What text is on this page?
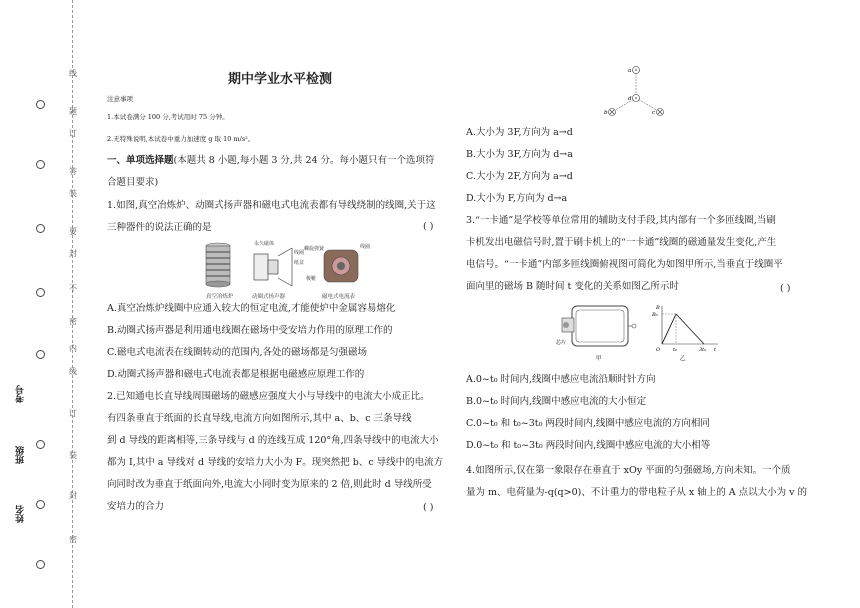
线
题
订
答
装
要
封
不
密
内
线
订
装
封
密
考号
班级
姓名
期中学业水平检测
注意事项
1.本试卷满分 100 分,考试用时 75 分钟。
2.无特殊说明,本试卷中重力加速度 g 取 10 m/s²。
一、单项选择题(本题共 8 小题,每小题 3 分,共 24 分。每小题只有一个选项符
合题目要求)
1.如图,真空冶炼炉、动圈式扬声器和磁电式电流表都有导线绕制的线圈,关于这
三种器件的说法正确的是	( )
真空冶炼炉	动圈式扬声器	磁电式电流表
永久磁体
线圈
纸盆
螺旋弹簧	线圈
极靴
A.真空冶炼炉线圈中应通入较大的恒定电流,才能使炉中金属容易熔化
B.动圈式扬声器是利用通电线圈在磁场中受安培力作用的原理工作的
C.磁电式电流表在线圈转动的范围内,各处的磁场都是匀强磁场
D.动圈式扬声器和磁电式电流表都是根据电磁感应原理工作的
2.已知通电长直导线周围磁场的磁感应强度大小与导线中的电流大小成正比。
有四条垂直于纸面的长直导线,电流方向如图所示,其中 a、b、c 三条导线
到 d 导线的距离相等,三条导线与 d 的连线互成 120°角,四条导线中的电流大小
都为 I,其中 a 导线对 d 导线的安培力大小为 F。现突然把 b、c 导线中的电流方
向同时改为垂直于纸面向外,电流大小同时变为原来的 2 倍,则此时 d 导线所受
安培力的合力	( )
a
d
b	c
A.大小为 3F,方向为 a→d
B.大小为 3F,方向为 d→a
C.大小为 2F,方向为 a→d
D.大小为 F,方向为 d→a
3.“一卡通”是学校等单位常用的辅助支付手段,其内部有一个多匝线圈,当刷
卡机发出电磁信号时,置于刷卡机上的“一卡通”线圈的磁通量发生变化,产生
电信号。“一卡通”内部多匝线圈俯视图可简化为如图甲所示,当垂直于线圈平
面向里的磁场 B 随时间 t 变化的关系如图乙所示时	( )
芯片
甲
B
B₀
O	t₀	3t₀ t
乙
A.0~t₀ 时间内,线圈中感应电流沿顺时针方向
B.0~t₀ 时间内,线圈中感应电流的大小恒定
C.0~t₀ 和 t₀~3t₀ 两段时间内,线圈中感应电流的方向相同
D.0~t₀ 和 t₀~3t₀ 两段时间内,线圈中感应电流的大小相等
4.如图所示,仅在第一象限存在垂直于 xOy 平面的匀强磁场,方向未知。一个质
量为 m、电荷量为-q(q>0)、不计重力的带电粒子从 x 轴上的 A 点以大小为 v 的
